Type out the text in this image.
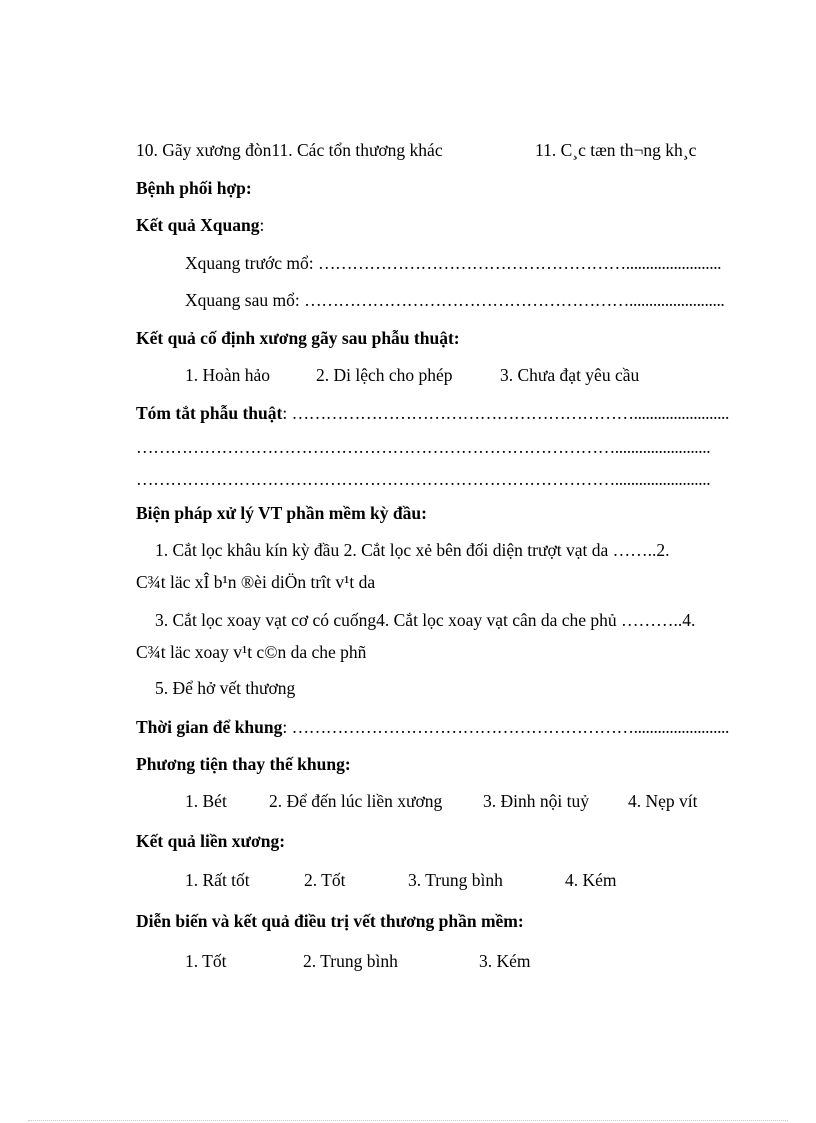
10. Gãy xương đòn11. Các tổn thương khác	11. C¸c tæn th¬ng kh¸c
Bệnh phối hợp:
Kết quả Xquang:
Xquang trước mổ: ………………………………………………........................
Xquang sau mổ: …………………………………………………........................
Kết quả cố định xương gãy sau phẫu thuật:
1. Hoàn hảo	2. Di lệch cho phép	3. Chưa đạt yêu cầu
Tóm tắt phẫu thuật: ……………………………………………………........................
…………………………………………………………………………........................
…………………………………………………………………………........................
Biện pháp xử lý VT phần mềm kỳ đầu:
1. Cắt lọc khâu kín kỳ đầu 2. Cắt lọc xẻ bên đối diện trượt vạt da ……..2.
C¾t läc xÎ b¹n ®èi diÖn trît v¹t da
3. Cắt lọc xoay vạt cơ có cuống4. Cắt lọc xoay vạt cân da che phủ ………..4.
C¾t läc xoay v¹t c©n da che phñ
5. Để hở vết thương
Thời gian để khung: ……………………………………………………........................
Phương tiện thay thế khung:
1. Bét 2. Để đến lúc liền xương 3. Đinh nội tuỷ 4. Nẹp vít
Kết quả liền xương:
1. Rất tốt	2. Tốt	3. Trung bình	4. Kém
Diễn biến và kết quả điều trị vết thương phần mềm:
1. Tốt	2. Trung bình	3. Kém
